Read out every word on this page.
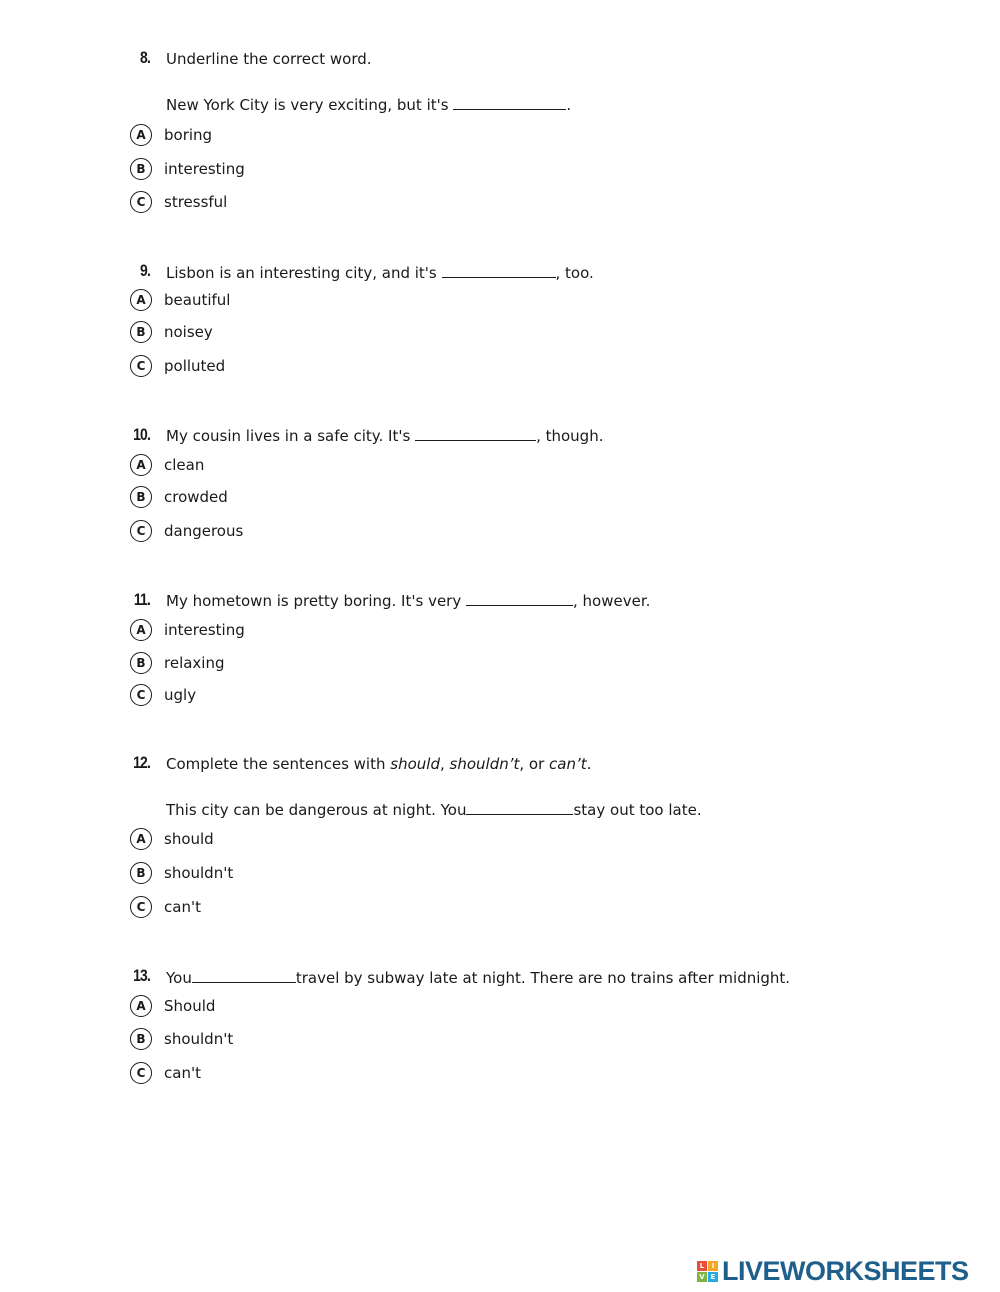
8. Underline the correct word.
New York City is very exciting, but it's	.
A	boring
B	interesting
C	stressful
9. Lisbon is an interesting city, and it's	, too.
A	beautiful
B	noisey
C	polluted
10. My cousin lives in a safe city. It's	, though.
A	clean
B	crowded
C	dangerous
11. My hometown is pretty boring. It's very	, however.
A	interesting
B	relaxing
C	ugly
12. Complete the sentences with should, shouldn’t, or can’t.
This city can be dangerous at night. You	stay out too late.
A	should
B	shouldn't
C	can't
13. You	travel by subway late at night. There are no trains after midnight.
A	Should
B	shouldn't
C	can't
L	I
V E LIVEWORKSHEETS
